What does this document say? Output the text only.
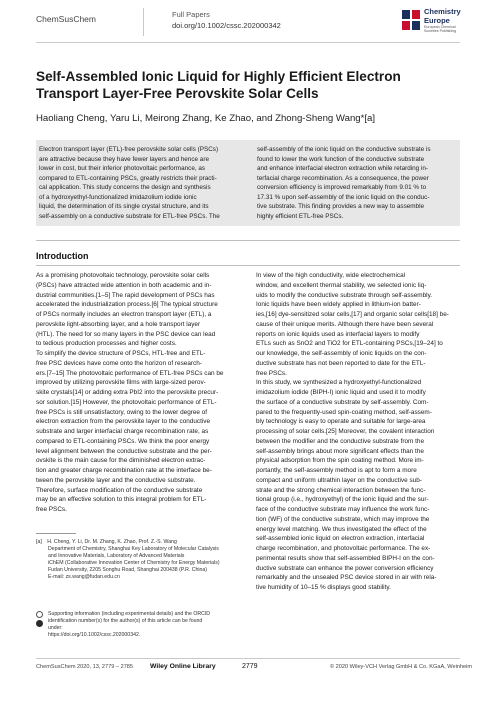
ChemSusChem	Full Papers
doi.org/10.1002/cssc.202000342
Chemistry
Europe
European Chemical
Societies Publishing
Self-Assembled Ionic Liquid for Highly Efficient Electron
Transport Layer-Free Perovskite Solar Cells
Haoliang Cheng, Yaru Li, Meirong Zhang, Ke Zhao, and Zhong-Sheng Wang*[a]
Electron transport layer (ETL)-free perovskite solar cells (PSCs)
are attractive because they have fewer layers and hence are
lower in cost, but their inferior photovoltaic performance, as
compared to ETL-containing PSCs, greatly restricts their practi-
cal application. This study concerns the design and synthesis
of a hydroxyethyl-functionalized imidazolium iodide ionic
liquid, the determination of its single crystal structure, and its
self-assembly on a conductive substrate for ETL-free PSCs. The
self-assembly of the ionic liquid on the conductive substrate is
found to lower the work function of the conductive substrate
and enhance interfacial electron extraction while retarding in-
terfacial charge recombination. As a consequence, the power
conversion efficiency is improved remarkably from 9.01 % to
17.31 % upon self-assembly of the ionic liquid on the conduc-
tive substrate. This finding provides a new way to assemble
highly efficient ETL-free PSCs.
Introduction
As a promising photovoltaic technology, perovskite solar cells
(PSCs) have attracted wide attention in both academic and in-
dustrial communities.[1–5] The rapid development of PSCs has
accelerated the industrialization process.[6] The typical structure
of PSCs normally includes an electron transport layer (ETL), a
perovskite light-absorbing layer, and a hole transport layer
(HTL). The need for so many layers in the PSC device can lead
to tedious production processes and higher costs.
To simplify the device structure of PSCs, HTL-free and ETL-
free PSC devices have come onto the horizon of research-
ers.[7–15] The photovoltaic performance of ETL-free PSCs can be
improved by utilizing perovskite films with large-sized perov-
skite crystals[14] or adding extra PbI2 into the perovskite precur-
sor solution.[15] However, the photovoltaic performance of ETL-
free PSCs is still unsatisfactory, owing to the lower degree of
electron extraction from the perovskite layer to the conductive
substrate and larger interfacial charge recombination rate, as
compared to ETL-containing PSCs. We think the poor energy
level alignment between the conductive substrate and the per-
ovskite is the main cause for the diminished electron extrac-
tion and greater charge recombination rate at the interface be-
tween the perovskite layer and the conductive substrate.
Therefore, surface modification of the conductive substrate
may be an effective solution to this integral problem for ETL-
free PSCs.
In view of the high conductivity, wide electrochemical
window, and excellent thermal stability, we selected ionic liq-
uids to modify the conductive substrate through self-assembly.
Ionic liquids have been widely applied in lithium-ion batter-
ies,[16] dye-sensitized solar cells,[17] and organic solar cells[18] be-
cause of their unique merits. Although there have been several
reports on ionic liquids used as interfacial layers to modify
ETLs such as SnO2 and TiO2 for ETL-containing PSCs,[19–24] to
our knowledge, the self-assembly of ionic liquids on the con-
ductive substrate has not been reported to date for the ETL-
free PSCs.
In this study, we synthesized a hydroxyethyl-functionalized
imidazolium iodide (BIPH-I) ionic liquid and used it to modify
the surface of a conductive substrate by self-assembly. Com-
pared to the frequently-used spin-coating method, self-assem-
bly technology is easy to operate and suitable for large-area
processing of solar cells.[25] Moreover, the covalent interaction
between the modifier and the conductive substrate from the
self-assembly brings about more significant effects than the
physical adsorption from the spin coating method. More im-
portantly, the self-assembly method is apt to form a more
compact and uniform ultrathin layer on the conductive sub-
strate and the strong chemical interaction between the func-
tional group (i.e., hydroxyethyl) of the ionic liquid and the sur-
face of the conductive substrate may influence the work func-
tion (WF) of the conductive substrate, which may improve the
energy level matching. We thus investigated the effect of the
self-assembled ionic liquid on electron extraction, interfacial
charge recombination, and photovoltaic performance. The ex-
perimental results show that self-assembled BIPH-I on the con-
ductive substrate can enhance the power conversion efficiency
remarkably and the unsealed PSC device stored in air with rela-
tive humidity of 10–15 % displays good stability.
[a] H. Cheng, Y. Li, Dr. M. Zhang, K. Zhao, Prof. Z.-S. Wang
Department of Chemistry, Shanghai Key Laboratory of Molecular Catalysis
and Innovative Materials, Laboratory of Advanced Materials
iChEM (Collaborative Innovation Center of Chemistry for Energy Materials)
Fudan University, 2205 Songhu Road, Shanghai 200438 (P.R. China)
E-mail: zs.wang@fudan.edu.cn
Supporting information (including experimental details) and the ORCID
identification number(s) for the author(s) of this article can be found
under:
https://doi.org/10.1002/cssc.202000342.
ChemSusChem 2020, 13, 2779 – 2785 Wiley Online Library	2779	© 2020 Wiley-VCH Verlag GmbH & Co. KGaA, Weinheim
